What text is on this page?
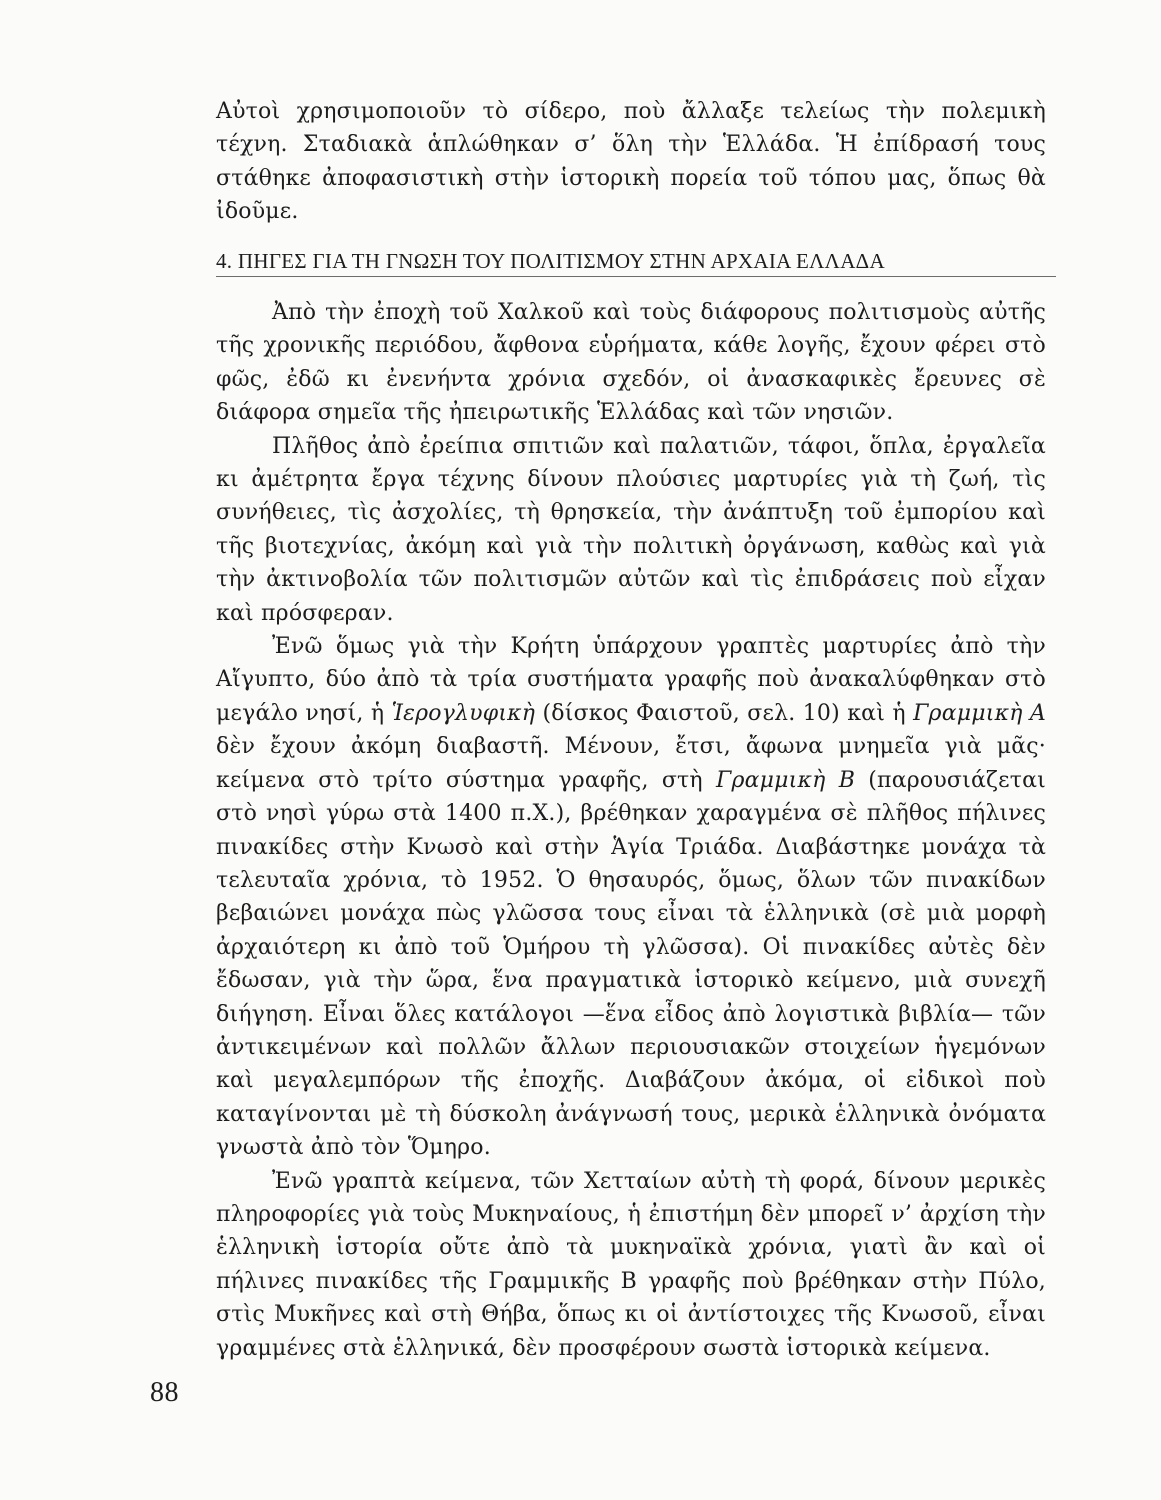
Αὐτοὶ χρησιμοποιοῦν τὸ σίδερο, ποὺ ἄλλαξε τελείως τὴν πολεμικὴ τέχνη. Σταδιακὰ ἁπλώθηκαν σ’ ὅλη τὴν Ἑλλάδα. Ἡ ἐπίδρασή τους στάθηκε ἀποφασιστικὴ στὴν ἱστορικὴ πορεία τοῦ τόπου μας, ὅπως θὰ ἰδοῦμε.

4. ΠΗΓΕΣ ΓΙΑ ΤΗ ΓΝΩΣΗ ΤΟΥ ΠΟΛΙΤΙΣΜΟΥ ΣΤΗΝ ΑΡΧΑΙΑ ΕΛΛΑΔΑ

Ἀπὸ τὴν ἐποχὴ τοῦ Χαλκοῦ καὶ τοὺς διάφορους πολιτισμοὺς αὐτῆς τῆς χρονικῆς περιόδου, ἄφθονα εὑρήματα, κάθε λογῆς, ἔχουν φέρει στὸ φῶς, ἐδῶ κι ἐνενήντα χρόνια σχεδόν, οἱ ἀνασκαφικὲς ἔρευνες σὲ διάφορα σημεῖα τῆς ἠπειρωτικῆς Ἑλλάδας καὶ τῶν νησιῶν.

Πλῆθος ἀπὸ ἐρείπια σπιτιῶν καὶ παλατιῶν, τάφοι, ὅπλα, ἐργαλεῖα κι ἀμέτρητα ἔργα τέχνης δίνουν πλούσιες μαρτυρίες γιὰ τὴ ζωή, τὶς συνήθειες, τὶς ἀσχολίες, τὴ θρησκεία, τὴν ἀνάπτυξη τοῦ ἐμπορίου καὶ τῆς βιοτεχνίας, ἀκόμη καὶ γιὰ τὴν πολιτικὴ ὀργάνωση, καθὼς καὶ γιὰ τὴν ἀκτινοβολία τῶν πολιτισμῶν αὐτῶν καὶ τὶς ἐπιδράσεις ποὺ εἶχαν καὶ πρόσφεραν.

Ἐνῶ ὅμως γιὰ τὴν Κρήτη ὑπάρχουν γραπτὲς μαρτυρίες ἀπὸ τὴν Αἴγυπτο, δύο ἀπὸ τὰ τρία συστήματα γραφῆς ποὺ ἀνακαλύφθηκαν στὸ μεγάλο νησί, ἡ Ἱερογλυφικὴ (δίσκος Φαιστοῦ, σελ. 10) καὶ ἡ Γραμμικὴ Α δὲν ἔχουν ἀκόμη διαβαστῆ. Μένουν, ἔτσι, ἄφωνα μνημεῖα γιὰ μᾶς· κείμενα στὸ τρίτο σύστημα γραφῆς, στὴ Γραμμικὴ Β (παρουσιάζεται στὸ νησὶ γύρω στὰ 1400 π.Χ.), βρέθηκαν χαραγμένα σὲ πλῆθος πήλινες πινακίδες στὴν Κνωσὸ καὶ στὴν Ἁγία Τριάδα. Διαβάστηκε μονάχα τὰ τελευταῖα χρόνια, τὸ 1952. Ὁ θησαυρός, ὅμως, ὅλων τῶν πινακίδων βεβαιώνει μονάχα πὼς γλῶσσα τους εἶναι τὰ ἑλληνικὰ (σὲ μιὰ μορφὴ ἀρχαιότερη κι ἀπὸ τοῦ Ὁμήρου τὴ γλῶσσα). Οἱ πινακίδες αὐτὲς δὲν ἔδωσαν, γιὰ τὴν ὥρα, ἕνα πραγματικὰ ἱστορικὸ κείμενο, μιὰ συνεχῆ διήγηση. Εἶναι ὅλες κατάλογοι —ἕνα εἶδος ἀπὸ λογιστικὰ βιβλία— τῶν ἀντικειμένων καὶ πολλῶν ἄλλων περιουσιακῶν στοιχείων ἡγεμόνων καὶ μεγαλεμπόρων τῆς ἐποχῆς. Διαβάζουν ἀκόμα, οἱ εἰδικοὶ ποὺ καταγίνονται μὲ τὴ δύσκολη ἀνάγνωσή τους, μερικὰ ἑλληνικὰ ὀνόματα γνωστὰ ἀπὸ τὸν Ὅμηρο.

Ἐνῶ γραπτὰ κείμενα, τῶν Χετταίων αὐτὴ τὴ φορά, δίνουν μερικὲς πληροφορίες γιὰ τοὺς Μυκηναίους, ἡ ἐπιστήμη δὲν μπορεῖ ν’ ἀρχίση τὴν ἑλληνικὴ ἱστορία οὔτε ἀπὸ τὰ μυκηναϊκὰ χρόνια, γιατὶ ἂν καὶ οἱ πήλινες πινακίδες τῆς Γραμμικῆς Β γραφῆς ποὺ βρέθηκαν στὴν Πύλο, στὶς Μυκῆνες καὶ στὴ Θήβα, ὅπως κι οἱ ἀντίστοιχες τῆς Κνωσοῦ, εἶναι γραμμένες στὰ ἑλληνικά, δὲν προσφέρουν σωστὰ ἱστορικὰ κείμενα.

88
